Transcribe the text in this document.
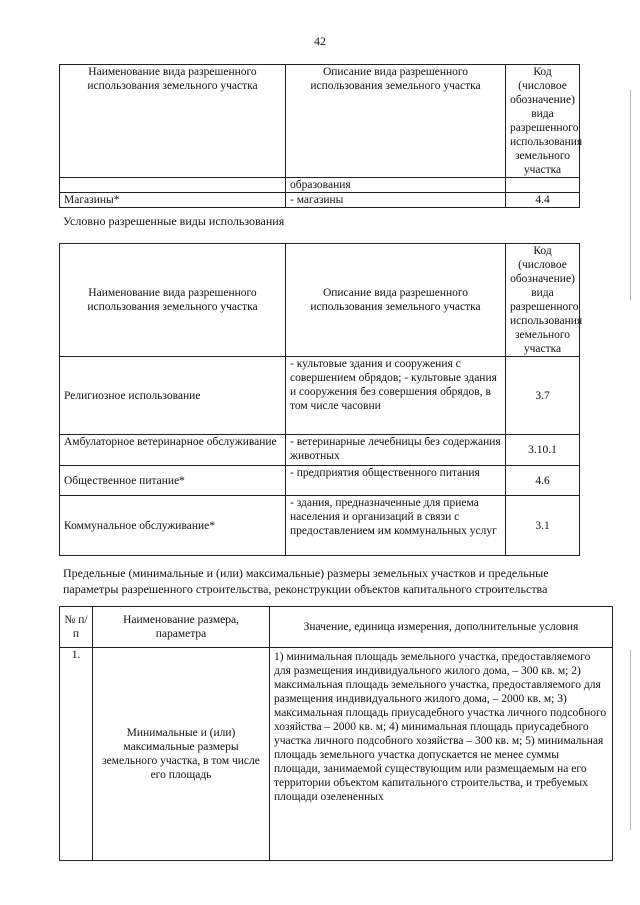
42
Наименование вида разрешенного использования земельного участка	Описание вида разрешенного использования земельного участка	Код (числовое обозначение) вида разрешенного использования земельного участка
	образования	
Магазины*	- магазины	4.4
Условно разрешенные виды использования
Наименование вида разрешенного использования земельного участка	Описание вида разрешенного использования земельного участка	Код (числовое обозначение) вида разрешенного использования земельного участка
Религиозное использование	- культовые здания и сооружения с совершением обрядов; - культовые здания и сооружения без совершения обрядов, в том числе часовни	3.7
Амбулаторное ветеринарное обслуживание	- ветеринарные лечебницы без содержания животных	3.10.1
Общественное питание*	- предприятия общественного питания	4.6
Коммунальное обслуживание*	- здания, предназначенные для приема населения и организаций в связи с предоставлением им коммунальных услуг	3.1
Предельные (минимальные и (или) максимальные) размеры земельных участков и предельные параметры разрешенного строительства, реконструкции объектов капитального строительства
№ п/п	Наименование размера, параметра	Значение, единица измерения, дополнительные условия
1.	Минимальные и (или) максимальные размеры земельного участка, в том числе его площадь	1) минимальная площадь земельного участка, предоставляемого для размещения индивидуального жилого дома, – 300 кв. м; 2) максимальная площадь земельного участка, предоставляемого для размещения индивидуального жилого дома, – 2000 кв. м; 3) максимальная площадь приусадебного участка личного подсобного хозяйства – 2000 кв. м; 4) минимальная площадь приусадебного участка личного подсобного хозяйства – 300 кв. м; 5) минимальная площадь земельного участка допускается не менее суммы площади, занимаемой существующим или размещаемым на его территории объектом капитального строительства, и требуемых площади озелененных
